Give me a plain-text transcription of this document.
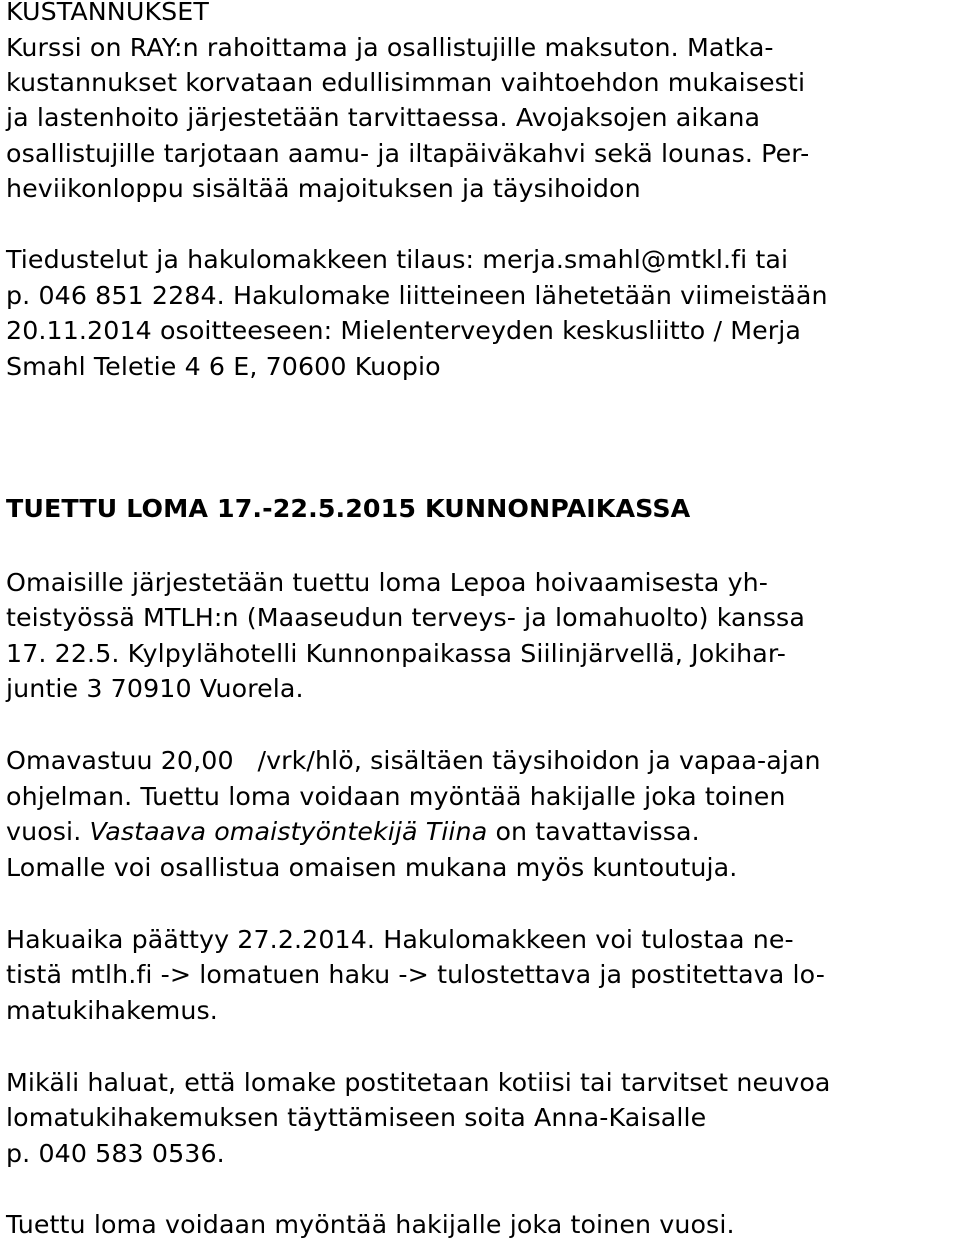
KUSTANNUKSET
Kurssi on RAY:n rahoittama ja osallistujille maksuton. Matka-
kustannukset korvataan edullisimman vaihtoehdon mukaisesti
ja lastenhoito järjestetään tarvittaessa. Avojaksojen aikana
osallistujille tarjotaan aamu- ja iltapäiväkahvi sekä lounas. Per-
heviikonloppu sisältää majoituksen ja täysihoidon
Tiedustelut ja hakulomakkeen tilaus: merja.smahl@mtkl.fi tai
p. 046 851 2284. Hakulomake liitteineen lähetetään viimeistään
20.11.2014 osoitteeseen: Mielenterveyden keskusliitto / Merja
Smahl Teletie 4 6 E, 70600 Kuopio
TUETTU LOMA 17.-22.5.2015 KUNNONPAIKASSA
Omaisille järjestetään tuettu loma Lepoa hoivaamisesta yh-
teistyössä MTLH:n (Maaseudun terveys- ja lomahuolto) kanssa
17. 22.5. Kylpylähotelli Kunnonpaikassa Siilinjärvellä, Jokihar-
juntie 3 70910 Vuorela.
Omavastuu 20,00 /vrk/hlö, sisältäen täysihoidon ja vapaa-ajan
ohjelman. Tuettu loma voidaan myöntää hakijalle joka toinen
vuosi. Vastaava omaistyöntekijä Tiina on tavattavissa.
Lomalle voi osallistua omaisen mukana myös kuntoutuja.
Hakuaika päättyy 27.2.2014. Hakulomakkeen voi tulostaa ne-
tistä mtlh.fi -> lomatuen haku -> tulostettava ja postitettava lo-
matukihakemus.
Mikäli haluat, että lomake postitetaan kotiisi tai tarvitset neuvoa
lomatukihakemuksen täyttämiseen soita Anna-Kaisalle
p. 040 583 0536.
Tuettu loma voidaan myöntää hakijalle joka toinen vuosi.
